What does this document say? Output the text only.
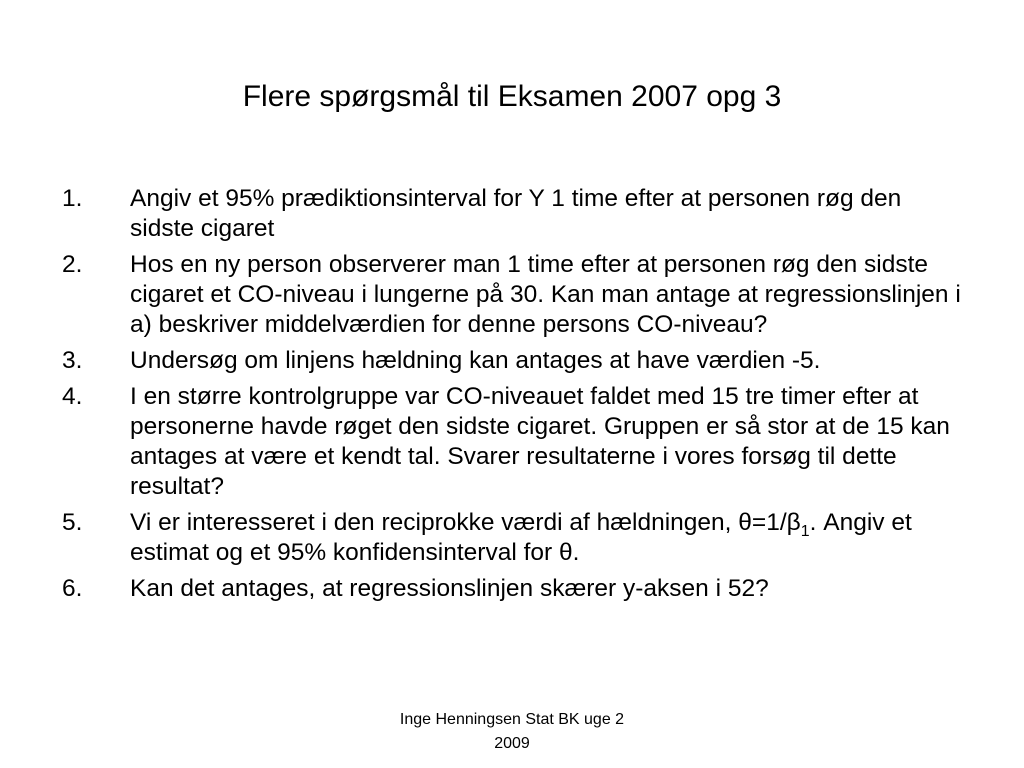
Flere spørgsmål til Eksamen 2007 opg 3
1. Angiv et 95% prædiktionsinterval for Y 1 time efter at personen røg den sidste cigaret
2. Hos en ny person observerer man 1 time efter at personen røg den sidste cigaret et CO-niveau i lungerne på 30. Kan man antage at regressionslinjen i a) beskriver middelværdien for denne persons CO-niveau?
3. Undersøg om linjens hældning kan antages at have værdien -5.
4. I en større kontrolgruppe var CO-niveauet faldet med 15 tre timer efter at personerne havde røget den sidste cigaret. Gruppen er så stor at de 15 kan antages at være et kendt tal. Svarer resultaterne i vores forsøg til dette resultat?
5. Vi er interesseret i den reciprokke værdi af hældningen, $\theta=1/\beta_1$. Angiv et estimat og et 95% konfidensinterval for θ.
6. Kan det antages, at regressionslinjen skærer y-aksen i 52?
Inge Henningsen Stat BK uge 2
2009
